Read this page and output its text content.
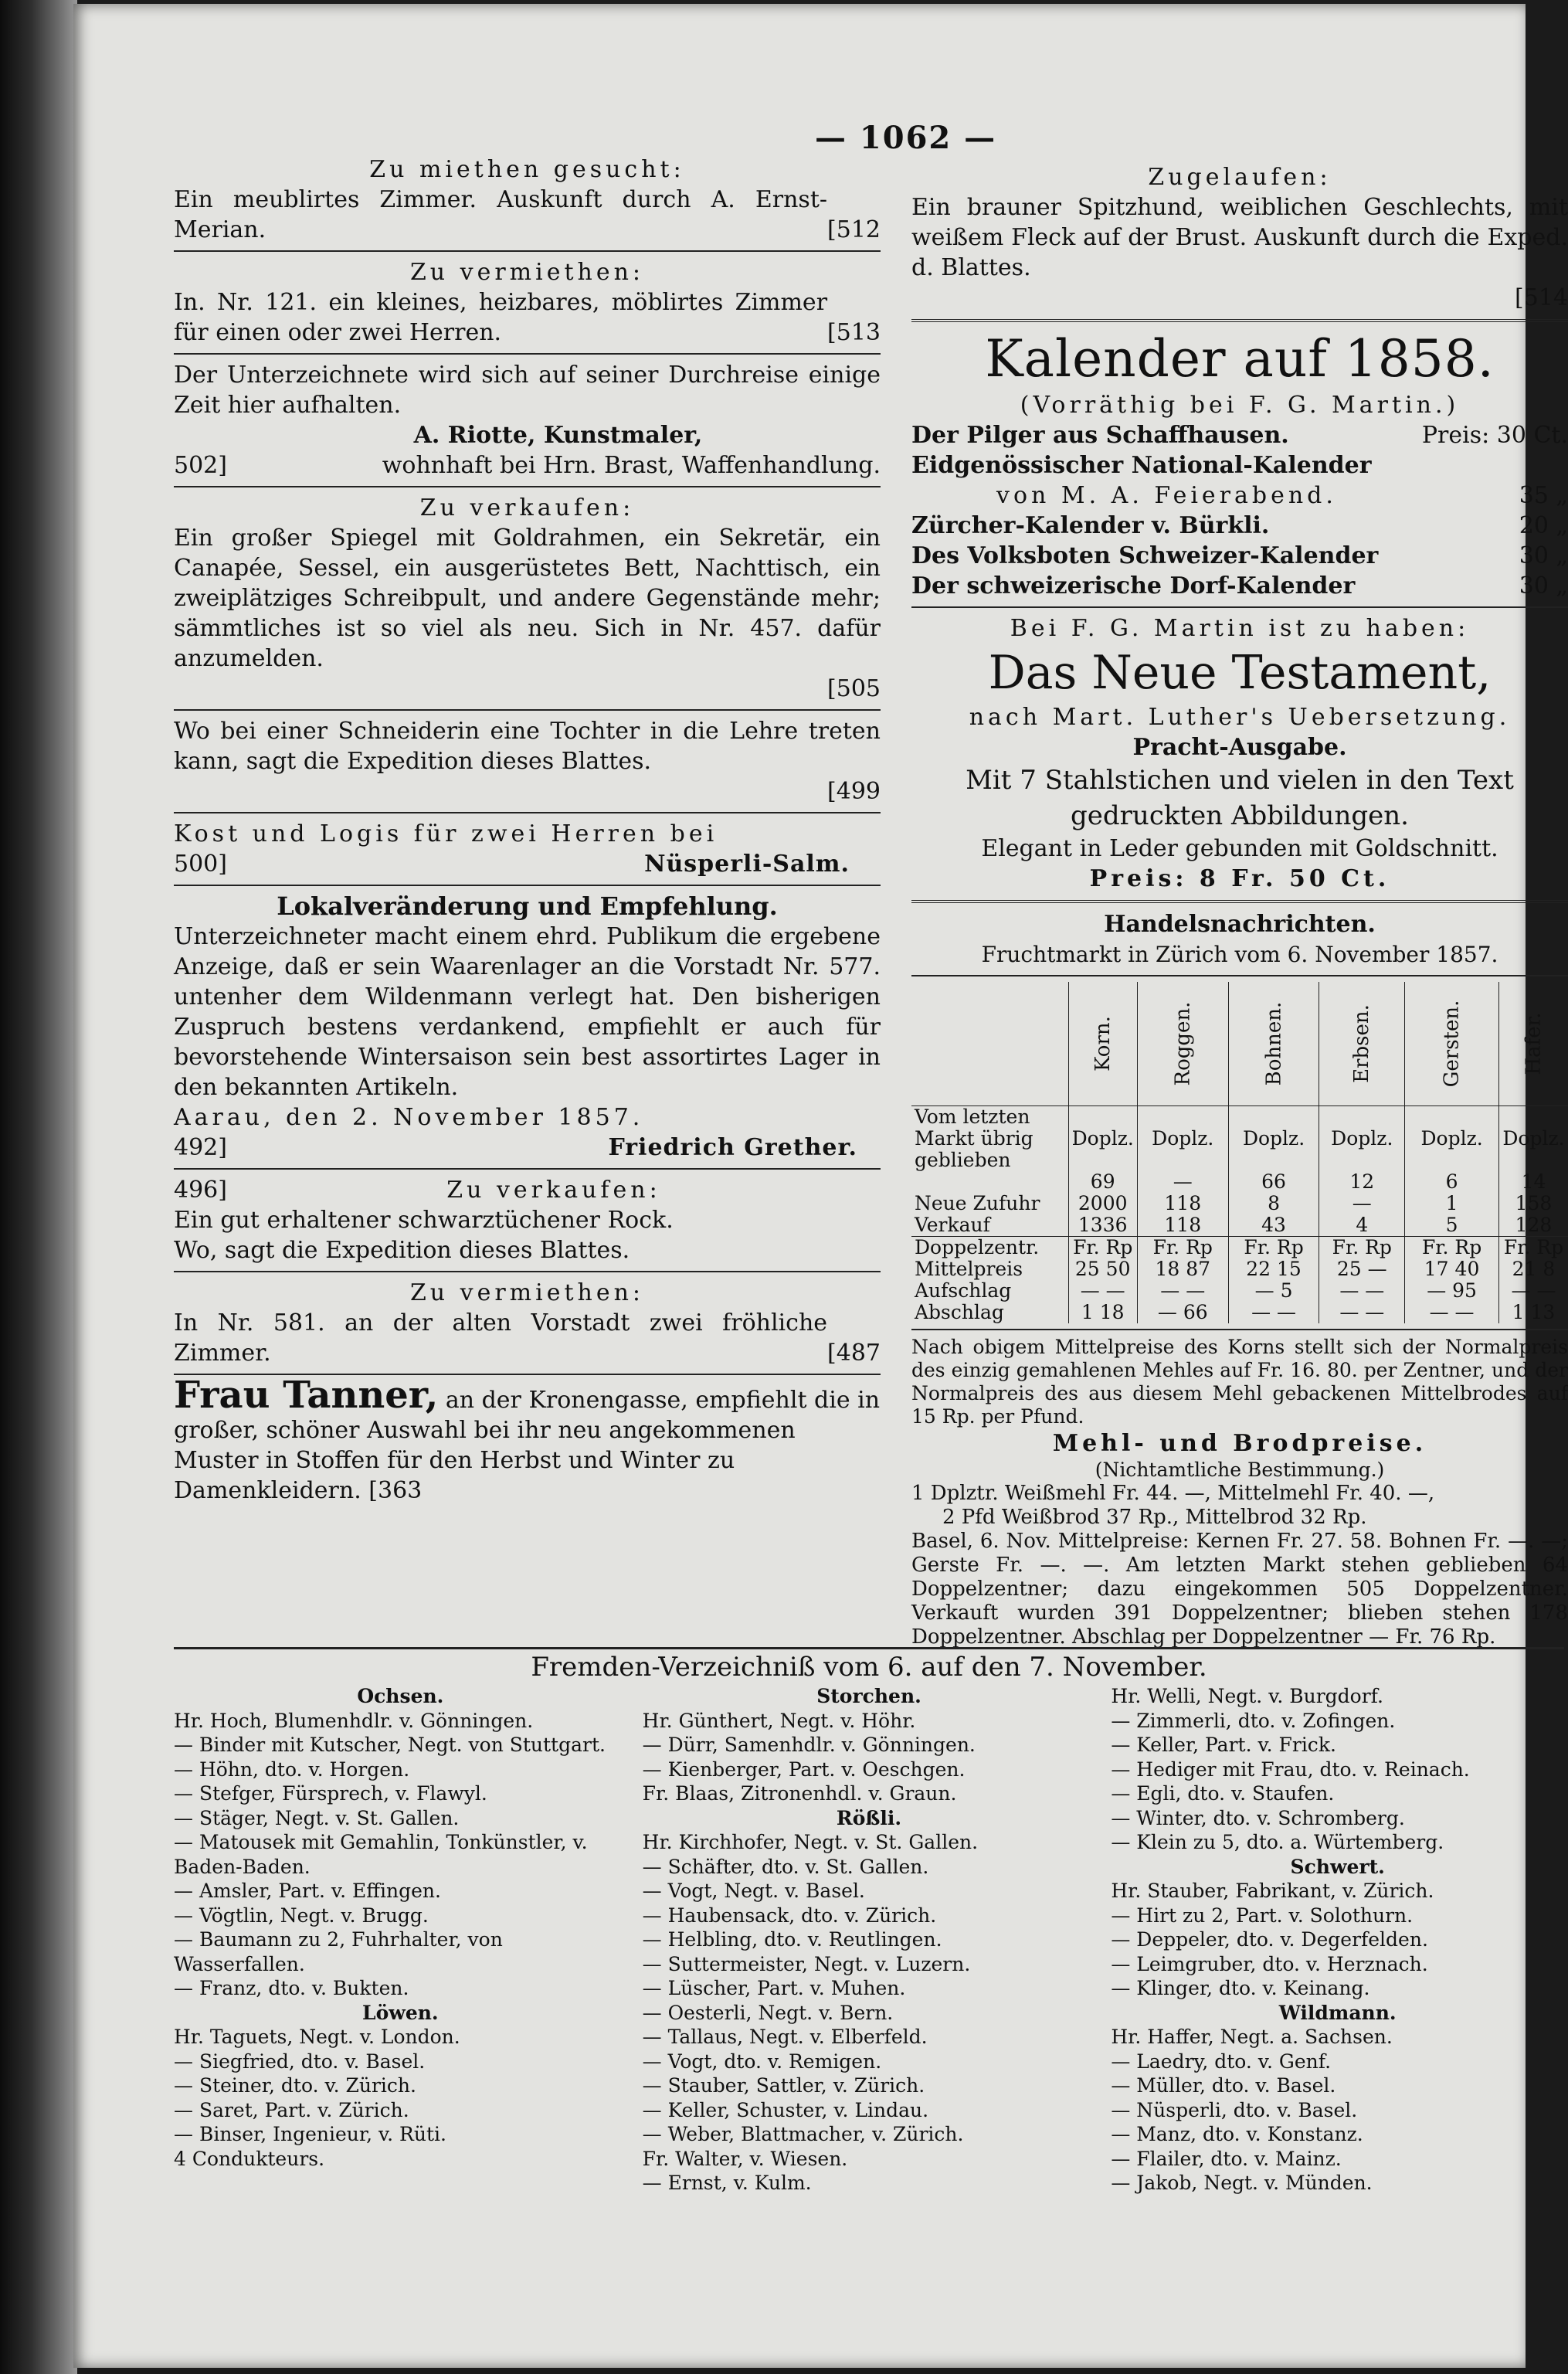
— 1062 —
Zu miethen gesucht:
Ein meublirtes Zimmer. Auskunft durch A. Ernst-Merian.	[512
Zu vermiethen:
In. Nr. 121. ein kleines, heizbares, möblirtes Zimmer für einen oder zwei Herren.	[513
Der Unterzeichnete wird sich auf seiner Durchreise einige Zeit hier aufhalten.
A. Riotte, Kunstmaler,
502]	wohnhaft bei Hrn. Brast, Waffenhandlung.
Zu verkaufen:
Ein großer Spiegel mit Goldrahmen, ein Sekretär, ein Canapée, Sessel, ein ausgerüstetes Bett, Nachttisch, ein zweiplätziges Schreibpult, und andere Gegenstände mehr; sämmtliches ist so viel als neu. Sich in Nr. 457. dafür anzumelden.
[505
Wo bei einer Schneiderin eine Tochter in die Lehre treten kann, sagt die Expedition dieses Blattes.
[499
Kost und Logis für zwei Herren bei
500]	Nüsperli-Salm.
Lokalveränderung und Empfehlung.
Unterzeichneter macht einem ehrd. Publikum die ergebene Anzeige, daß er sein Waarenlager an die Vorstadt Nr. 577. untenher dem Wildenmann verlegt hat. Den bisherigen Zuspruch bestens verdankend, empfiehlt er auch für bevorstehende Wintersaison sein best assortirtes Lager in den bekannten Artikeln.
Aarau, den 2. November 1857.
492]	Friedrich Grether.
496]	Zu verkaufen:
Ein gut erhaltener schwarztüchener Rock.
Wo, sagt die Expedition dieses Blattes.
Zu vermiethen:
In Nr. 581. an der alten Vorstadt zwei fröhliche Zimmer.	[487
Frau Tanner, an der Kronengasse, empfiehlt die in großer, schöner Auswahl bei ihr neu angekommenen Muster in Stoffen für den Herbst und Winter zu Damenkleidern. [363
Zugelaufen:
Ein brauner Spitzhund, weiblichen Geschlechts, mit weißem Fleck auf der Brust. Auskunft durch die Exped. d. Blattes.
[514
Kalender auf 1858.
(Vorräthig bei F. G. Martin.)
Der Pilger aus Schaffhausen.	Preis: 30 Ct.
Eidgenössischer National-Kalender
von M. A. Feierabend.	35 „
Zürcher-Kalender v. Bürkli.	20 „
Des Volksboten Schweizer-Kalender	30 „
Der schweizerische Dorf-Kalender	30 „
Bei F. G. Martin ist zu haben:
Das Neue Testament,
nach Mart. Luther's Uebersetzung.
Pracht-Ausgabe.
Mit 7 Stahlstichen und vielen in den Text gedruckten Abbildungen.
Elegant in Leder gebunden mit Goldschnitt.
Preis: 8 Fr. 50 Ct.
Handelsnachrichten.
Fruchtmarkt in Zürich vom 6. November 1857.
	Korn.	Roggen.	Bohnen.	Erbsen.	Gersten.	Hafer.
Vom letzten Markt übrig geblieben	Doplz.	Doplz.	Doplz.	Doplz.	Doplz.	Doplz.
	69	—	66	12	6	14
Neue Zufuhr	2000	118	8	—	1	158
Verkauf	1336	118	43	4	5	128
Doppelzentr.	Fr. Rp	Fr. Rp	Fr. Rp	Fr. Rp	Fr. Rp	Fr. Rp
Mittelpreis	25 50	18 87	22 15	25 —	17 40	21 8
Aufschlag	— —	— —	— 5	— —	— 95	— —
Abschlag	1 18	— 66	— —	— —	— —	1 13
Nach obigem Mittelpreise des Korns stellt sich der Normalpreis des einzig gemahlenen Mehles auf Fr. 16. 80. per Zentner, und der Normalpreis des aus diesem Mehl gebackenen Mittelbrodes auf 15 Rp. per Pfund.
Mehl- und Brodpreise.
(Nichtamtliche Bestimmung.)
1 Dplztr. Weißmehl Fr. 44. —, Mittelmehl Fr. 40. —,
2 Pfd Weißbrod 37 Rp., Mittelbrod 32 Rp.
Basel, 6. Nov. Mittelpreise: Kernen Fr. 27. 58. Bohnen Fr. —. —; Gerste Fr. —. —. Am letzten Markt stehen geblieben 64 Doppelzentner; dazu eingekommen 505 Doppelzentner. Verkauft wurden 391 Doppelzentner; blieben stehen 178 Doppelzentner. Abschlag per Doppelzentner — Fr. 76 Rp.
Fremden-Verzeichniß vom 6. auf den 7. November.
Ochsen.
Hr. Hoch, Blumenhdlr. v. Gönningen.
— Binder mit Kutscher, Negt. von Stuttgart.
— Höhn, dto. v. Horgen.
— Stefger, Fürsprech, v. Flawyl.
— Stäger, Negt. v. St. Gallen.
— Matousek mit Gemahlin, Tonkünstler, v. Baden-Baden.
— Amsler, Part. v. Effingen.
— Vögtlin, Negt. v. Brugg.
— Baumann zu 2, Fuhrhalter, von Wasserfallen.
— Franz, dto. v. Bukten.
Löwen.
Hr. Taguets, Negt. v. London.
— Siegfried, dto. v. Basel.
— Steiner, dto. v. Zürich.
— Saret, Part. v. Zürich.
— Binser, Ingenieur, v. Rüti.
4 Condukteurs.
Storchen.
Hr. Günthert, Negt. v. Höhr.
— Dürr, Samenhdlr. v. Gönningen.
— Kienberger, Part. v. Oeschgen.
Fr. Blaas, Zitronenhdl. v. Graun.
Rößli.
Hr. Kirchhofer, Negt. v. St. Gallen.
— Schäfter, dto. v. St. Gallen.
— Vogt, Negt. v. Basel.
— Haubensack, dto. v. Zürich.
— Helbling, dto. v. Reutlingen.
— Suttermeister, Negt. v. Luzern.
— Lüscher, Part. v. Muhen.
— Oesterli, Negt. v. Bern.
— Tallaus, Negt. v. Elberfeld.
— Vogt, dto. v. Remigen.
— Stauber, Sattler, v. Zürich.
— Keller, Schuster, v. Lindau.
— Weber, Blattmacher, v. Zürich.
Fr. Walter, v. Wiesen.
— Ernst, v. Kulm.
Hr. Welli, Negt. v. Burgdorf.
— Zimmerli, dto. v. Zofingen.
— Keller, Part. v. Frick.
— Hediger mit Frau, dto. v. Reinach.
— Egli, dto. v. Staufen.
— Winter, dto. v. Schromberg.
— Klein zu 5, dto. a. Würtemberg.
Schwert.
Hr. Stauber, Fabrikant, v. Zürich.
— Hirt zu 2, Part. v. Solothurn.
— Deppeler, dto. v. Degerfelden.
— Leimgruber, dto. v. Herznach.
— Klinger, dto. v. Keinang.
Wildmann.
Hr. Haffer, Negt. a. Sachsen.
— Laedry, dto. v. Genf.
— Müller, dto. v. Basel.
— Nüsperli, dto. v. Basel.
— Manz, dto. v. Konstanz.
— Flailer, dto. v. Mainz.
— Jakob, Negt. v. Münden.
